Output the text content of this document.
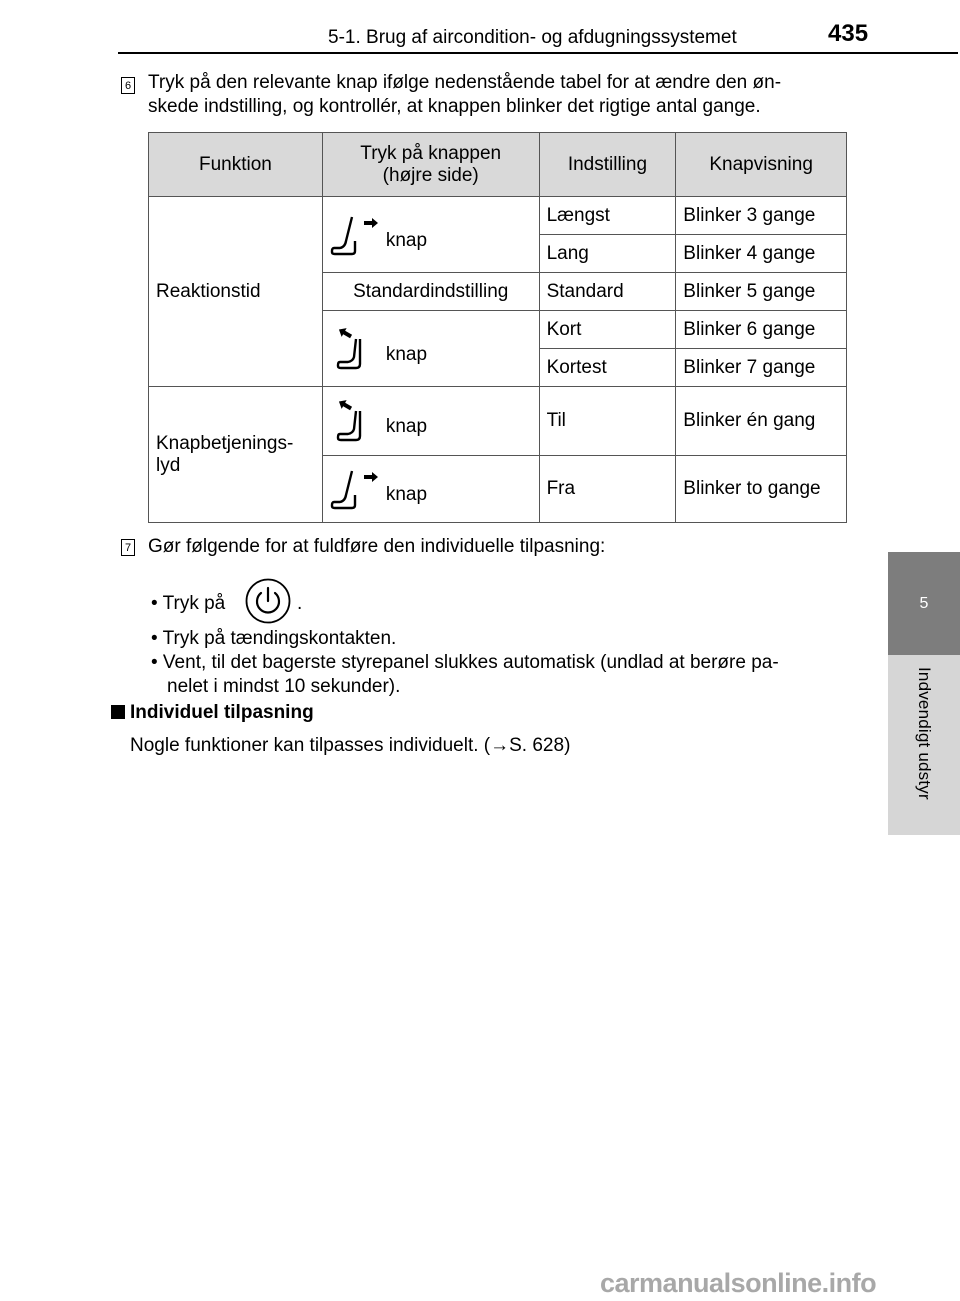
5-1. Brug af aircondition- og afdugningssystemet	435
5
Indvendigt udstyr
6 Tryk på den relevante knap ifølge nedenstående tabel for at ændre den øn-
skede indstilling, og kontrollér, at knappen blinker det rigtige antal gange.
Funktion	Tryk på knappen
(højre side)	Indstilling	Knapvisning
Reaktionstid	knap	Længst	Blinker 3 gange
		Lang	Blinker 4 gange
	Standardindstilling	Standard	Blinker 5 gange
	knap	Kort	Blinker 6 gange
		Kortest	Blinker 7 gange
Knapbetjenings-
lyd	knap	Til	Blinker én gang
	knap	Fra	Blinker to gange
7 Gør følgende for at fuldføre den individuelle tilpasning:
• Tryk på	.
• Tryk på tændingskontakten.
• Vent, til det bagerste styrepanel slukkes automatisk (undlad at berøre pa-
nelet i mindst 10 sekunder).
Individuel tilpasning
Nogle funktioner kan tilpasses individuelt. (→S. 628)
carmanualsonline.info
